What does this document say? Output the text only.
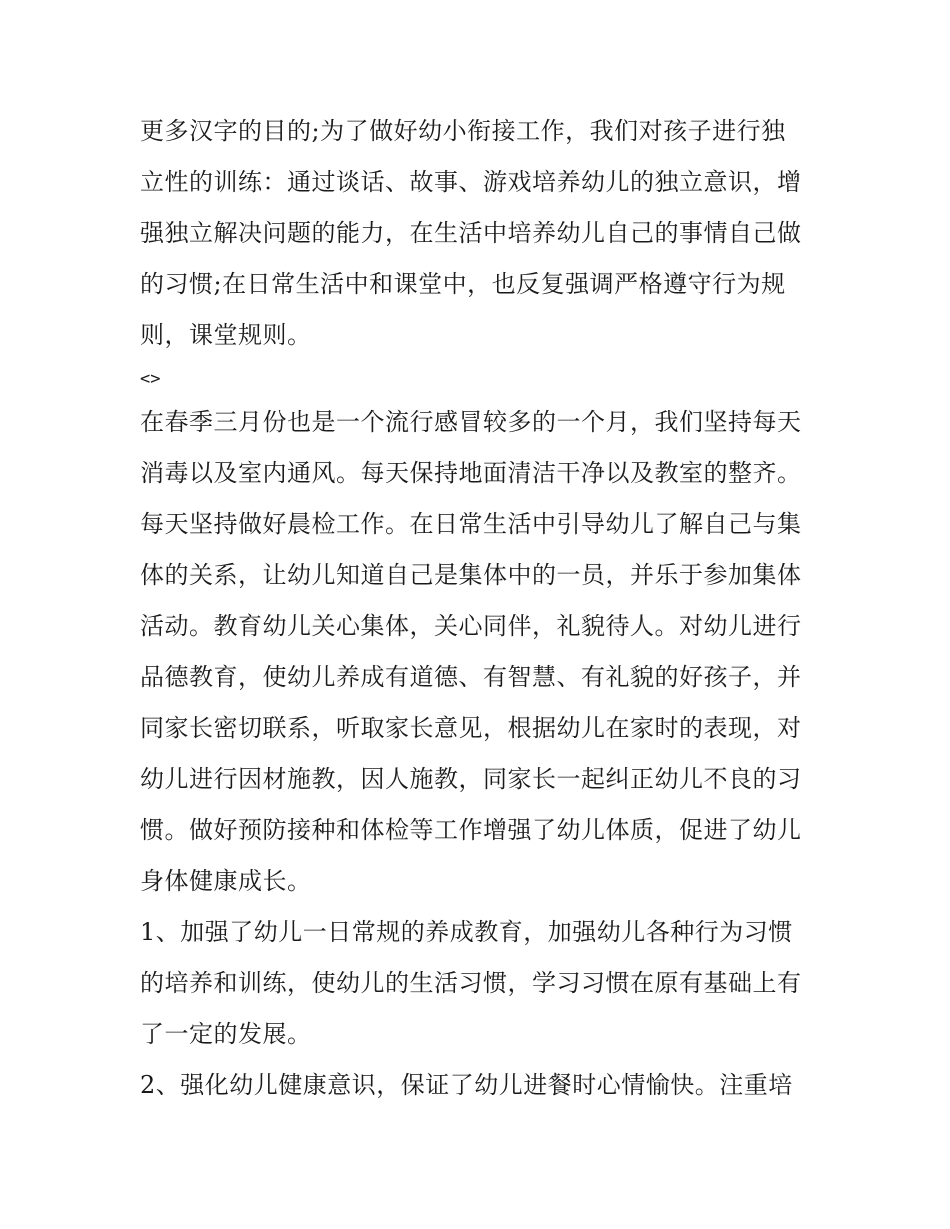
更多汉字的目的;为了做好幼小衔接工作，我们对孩子进行独
立性的训练：通过谈话、故事、游戏培养幼儿的独立意识，增
强独立解决问题的能力，在生活中培养幼儿自己的事情自己做
的习惯;在日常生活中和课堂中，也反复强调严格遵守行为规
则，课堂规则。
<>
在春季三月份也是一个流行感冒较多的一个月，我们坚持每天
消毒以及室内通风。每天保持地面清洁干净以及教室的整齐。
每天坚持做好晨检工作。在日常生活中引导幼儿了解自己与集
体的关系，让幼儿知道自己是集体中的一员，并乐于参加集体
活动。教育幼儿关心集体，关心同伴，礼貌待人。对幼儿进行
品德教育，使幼儿养成有道德、有智慧、有礼貌的好孩子，并
同家长密切联系，听取家长意见，根据幼儿在家时的表现，对
幼儿进行因材施教，因人施教，同家长一起纠正幼儿不良的习
惯。做好预防接种和体检等工作增强了幼儿体质，促进了幼儿
身体健康成长。
1、加强了幼儿一日常规的养成教育，加强幼儿各种行为习惯
的培养和训练，使幼儿的生活习惯，学习习惯在原有基础上有
了一定的发展。
2、强化幼儿健康意识，保证了幼儿进餐时心情愉快。注重培
